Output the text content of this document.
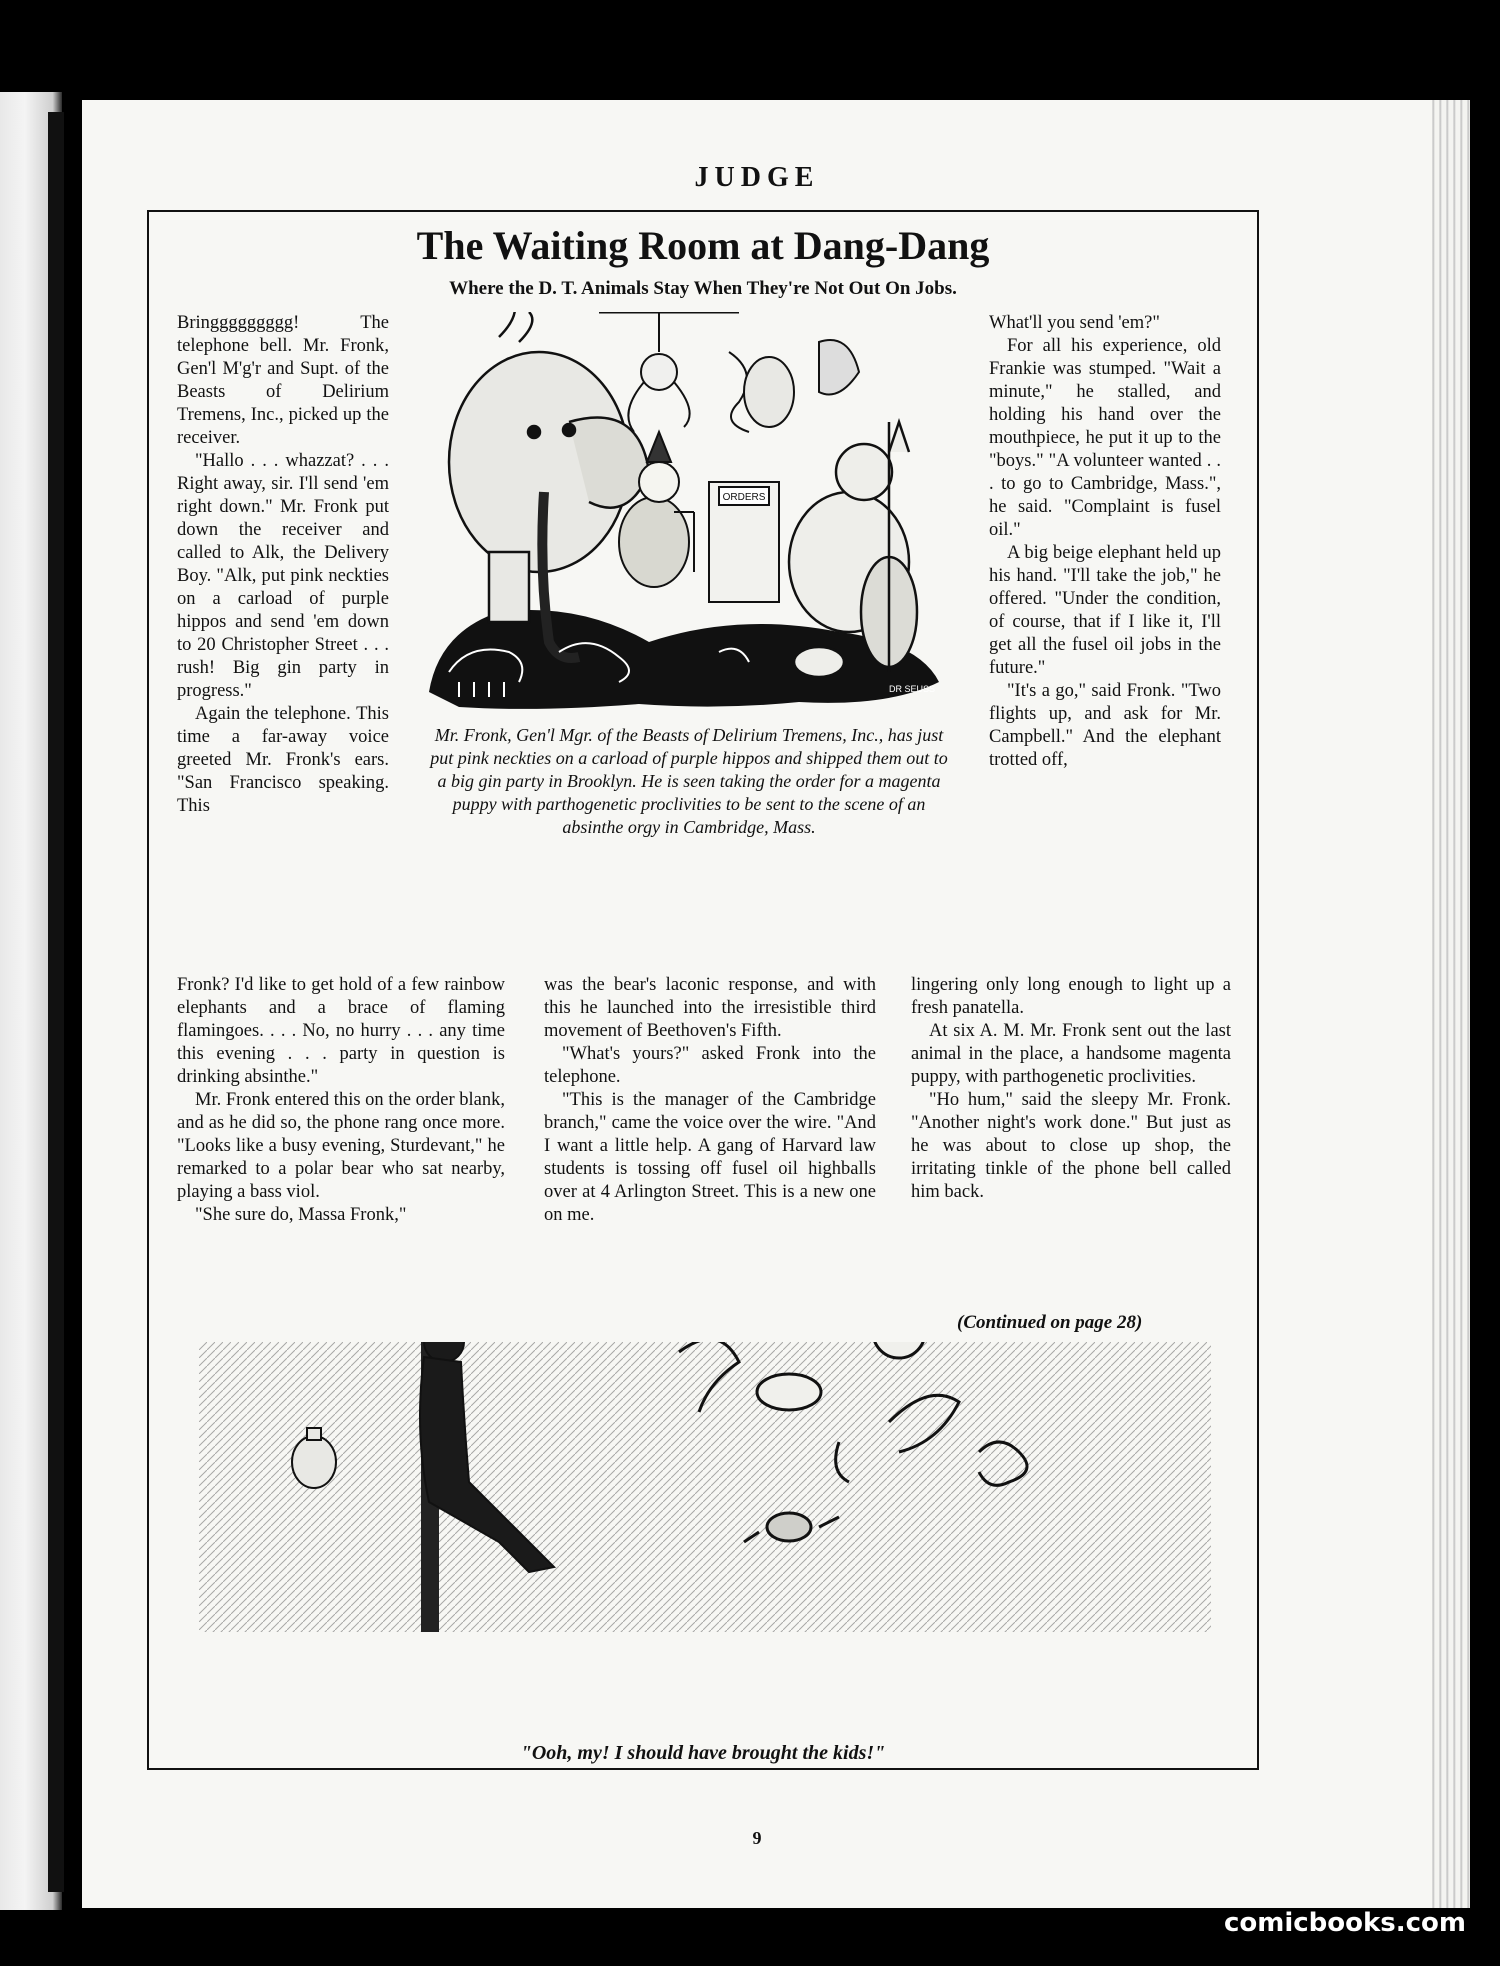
JUDGE
The Waiting Room at Dang-Dang
Where the D. T. Animals Stay When They're Not Out On Jobs.

Bringgggggggg! The telephone bell. Mr. Fronk, Gen'l M'g'r and Supt. of the Beasts of Delirium Tremens, Inc., picked up the receiver.

"Hallo . . . whazzat? . . . Right away, sir. I'll send 'em right down." Mr. Fronk put down the receiver and called to Alk, the Delivery Boy. "Alk, put pink neckties on a carload of purple hippos and send 'em down to 20 Christopher Street . . . rush! Big gin party in progress."

Again the telephone. This time a far-away voice greeted Mr. Fronk's ears. "San Francisco speaking. This

Fronk? I'd like to get hold of a few rainbow elephants and a brace of flaming flamingoes. . . . No, no hurry . . . any time this evening . . . party in question is drinking absinthe."

Mr. Fronk entered this on the order blank, and as he did so, the phone rang once more. "Looks like a busy evening, Sturdevant," he remarked to a polar bear who sat nearby, playing a bass viol.

"She sure do, Massa Fronk,"

was the bear's laconic response, and with this he launched into the irresistible third movement of Beethoven's Fifth.

"What's yours?" asked Fronk into the telephone.

"This is the manager of the Cambridge branch," came the voice over the wire. "And I want a little help. A gang of Harvard law students is tossing off fusel oil highballs over at 4 Arlington Street. This is a new one on me.

What'll you send 'em?"

For all his experience, old Frankie was stumped. "Wait a minute," he stalled, and holding his hand over the mouthpiece, he put it up to the "boys." "A volunteer wanted . . . to go to Cambridge, Mass.", he said. "Complaint is fusel oil."

A big beige elephant held up his hand. "I'll take the job," he offered. "Under the condition, of course, that if I like it, I'll get all the fusel oil jobs in the future."

"It's a go," said Fronk. "Two flights up, and ask for Mr. Campbell." And the elephant trotted off,

lingering only long enough to light up a fresh panatella.

At six A. M. Mr. Fronk sent out the last animal in the place, a handsome magenta puppy, with parthogenetic proclivities.

"Ho hum," said the sleepy Mr. Fronk. "Another night's work done." But just as he was about to close up shop, the irritating tinkle of the phone bell called him back.

(Continued on page 28)
ORDERS
DR SEUSS
Mr. Fronk, Gen'l Mgr. of the Beasts of Delirium Tremens, Inc., has just put pink neckties on a carload of purple hippos and shipped them out to a big gin party in Brooklyn. He is seen taking the order for a magenta puppy with parthogenetic proclivities to be sent to the scene of an absinthe orgy in Cambridge, Mass.
"Ooh, my! I should have brought the kids!"
9
comicbooks.com
